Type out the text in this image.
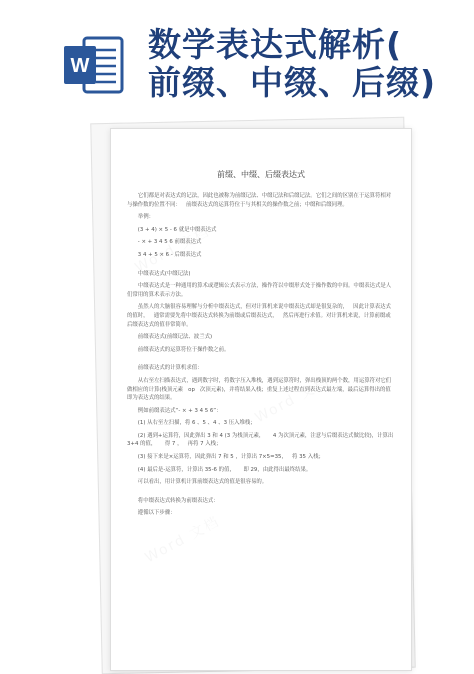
W
数学表达式解析(
前缀、中缀、后缀)
前缀、中缀、后缀表达式

它们都是对表达式的记法，因此也被称为前缀记法、中缀记法和后缀记法。它们之间的区别在于运算符相对与操作数的位置不同：   前缀表达式的运算符位于与其相关的操作数之前；中缀和后缀同理。

举例：

(3 + 4) × 5 - 6 就是中缀表达式

- × + 3 4 5 6 前缀表达式

3 4 + 5 × 6 - 后缀表达式

中缀表达式(中缀记法)

中缀表达式是一种通用的算术或逻辑公式表示方法，操作符以中缀形式处于操作数的中间。中缀表达式是人们常用的算术表示方法。

虽然人的大脑很容易理解与分析中缀表达式，但对计算机来说中缀表达式却是很复杂的，   因此计算表达式的值时，   通常需要先将中缀表达式转换为前缀或后缀表达式，   然后再进行求值。对计算机来说，计算前缀或后缀表达式的值非常简单。

前缀表达式(前缀记法、波兰式)

前缀表达式的运算符位于操作数之前。

前缀表达式的计算机求值：

从右至左扫描表达式，遇到数字时，将数字压入堆栈，遇到运算符时，弹出栈顶的两个数，用运算符对它们做相应的计算(栈顶元素   op   次顶元素)，并将结果入栈；重复上述过程直到表达式最左端，最后运算得出的值即为表达式的结果。

例如前缀表达式“- × + 3 4 5 6”：

(1) 从右至左扫描，将 6 、5 、4 、3 压入堆栈；

(2) 遇到+运算符，因此弹出 3 和 4 (3 为栈顶元素，     4 为次顶元素，注意与后缀表达式做比较)，计算出 3+4 的值，     得 7 ，   再将 7 入栈；

(3) 接下来是×运算符，因此弹出 7 和 5 ，计算出 7×5=35，   将 35 入栈；

(4) 最后是-运算符，计算出 35-6 的值，     即 29，由此得出最终结果。

可以看出，用计算机计算前缀表达式的值是很容易的。

将中缀表达式转换为前缀表达式：

遵循以下步骤：
